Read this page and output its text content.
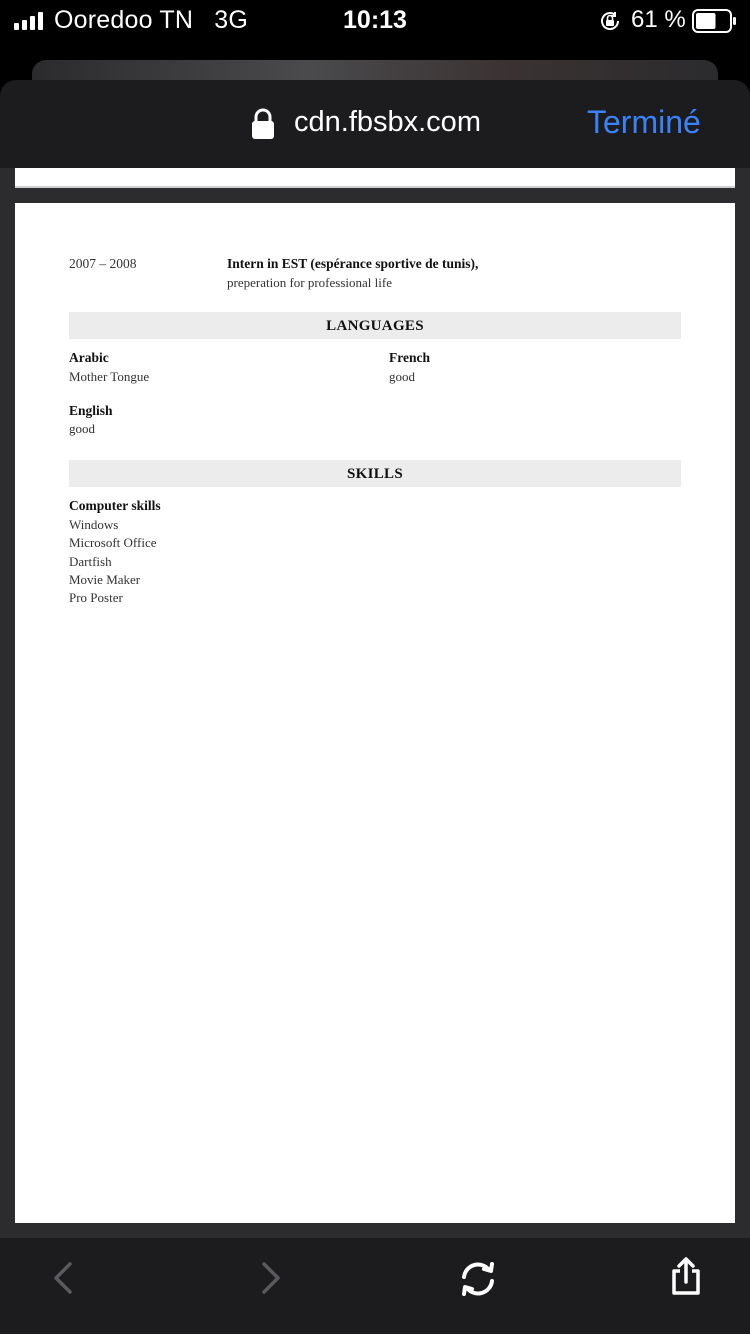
Ooredoo TN 3G	10:13	61 %
cdn.fbsbx.com	Terminé
2007 – 2008	Intern in EST (espérance sportive de tunis),
preperation for professional life
LANGUAGES
Arabic
Mother Tongue
French
good
English
good
SKILLS
Computer skills
Windows
Microsoft Office
Dartfish
Movie Maker
Pro Poster
